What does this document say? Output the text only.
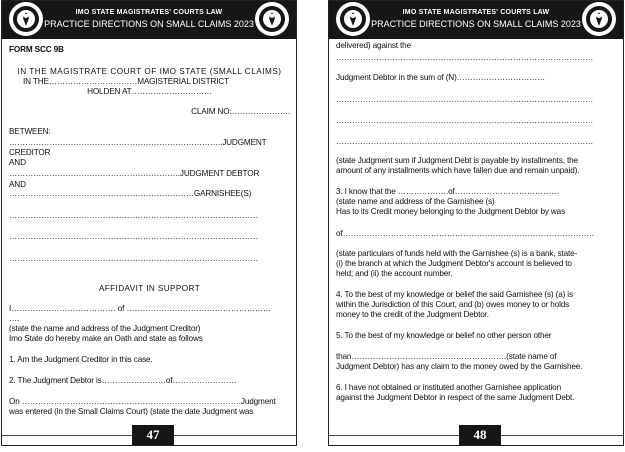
IMO STATE MAGISTRATES' COURTS LAW
PRACTICE DIRECTIONS ON SMALL CLAIMS 2023
FORM SCC 9B
IN THE MAGISTRATE COURT OF IMO STATE (SMALL CLAIMS)
IN THE……………………………MAGISTERIAL DISTRICT
HOLDEN AT…………………………
CLAIM NO:………………….
BETWEEN:
……………………………………………………………………..JUDGMENT
CREDITOR
AND
……………………………………………………….JUDGMENT DEBTOR
AND
……………………………………………………………GARNISHEE(S)
…………………………………………………………………………………
…………………………………………………………………………………
…………………………………………………………………………………
AFFIDAVIT IN SUPPORT
I………………………………… of ………………………………………………
….
(state the name and address of the Judgment Creditor)
Imo State do hereby make an Oath and state as follows
1. Am the Judgment Creditor in this case.
2. The Judgment Debtor is……………………of……………………
On ……………………………………………………………………….Judgment
was entered (in the Small Claims Court) (state the date Judgment was
47
IMO STATE MAGISTRATES' COURTS LAW
PRACTICE DIRECTIONS ON SMALL CLAIMS 2023
delivered) against the
……………………………………………………………………………………
Judgment Debtor in the sum of (N)……………………………
……………………………………………………………………………………
……………………………………………………………………………………
……………………………………………………………………………………
(state Judgment sum if Judgment Debt is payable by installments, the
amount of any installments which have fallen due and remain unpaid).
3. I know that the ……………….of…………………………………
(state name and address of the Garnishee (s)
Has to its Credit money belonging to the Judgment Debtor by was
of………………………………………………………………………………….
(state particulars of funds held with the Garnishee (s) is a bank, state-
(i) the branch at which the Judgment Debtor's account is believed to
held; and (ii) the account number.
4. To the best of my knowledge or belief the said Garnishee (s) (a) is
within the Jurisdiction of this Court, and (b) owes money to or holds
money to the credit of the Judgment Debtor.
5. To the best of my knowledge or belief no other person other
than………………………………………………….(state name of
Judgment Debtor) has any claim to the money owed by the Garnishee.
6. I have not obtained or instituted another Garnishee application
against the Judgment Debtor in respect of the same Judgment Debt.
48
